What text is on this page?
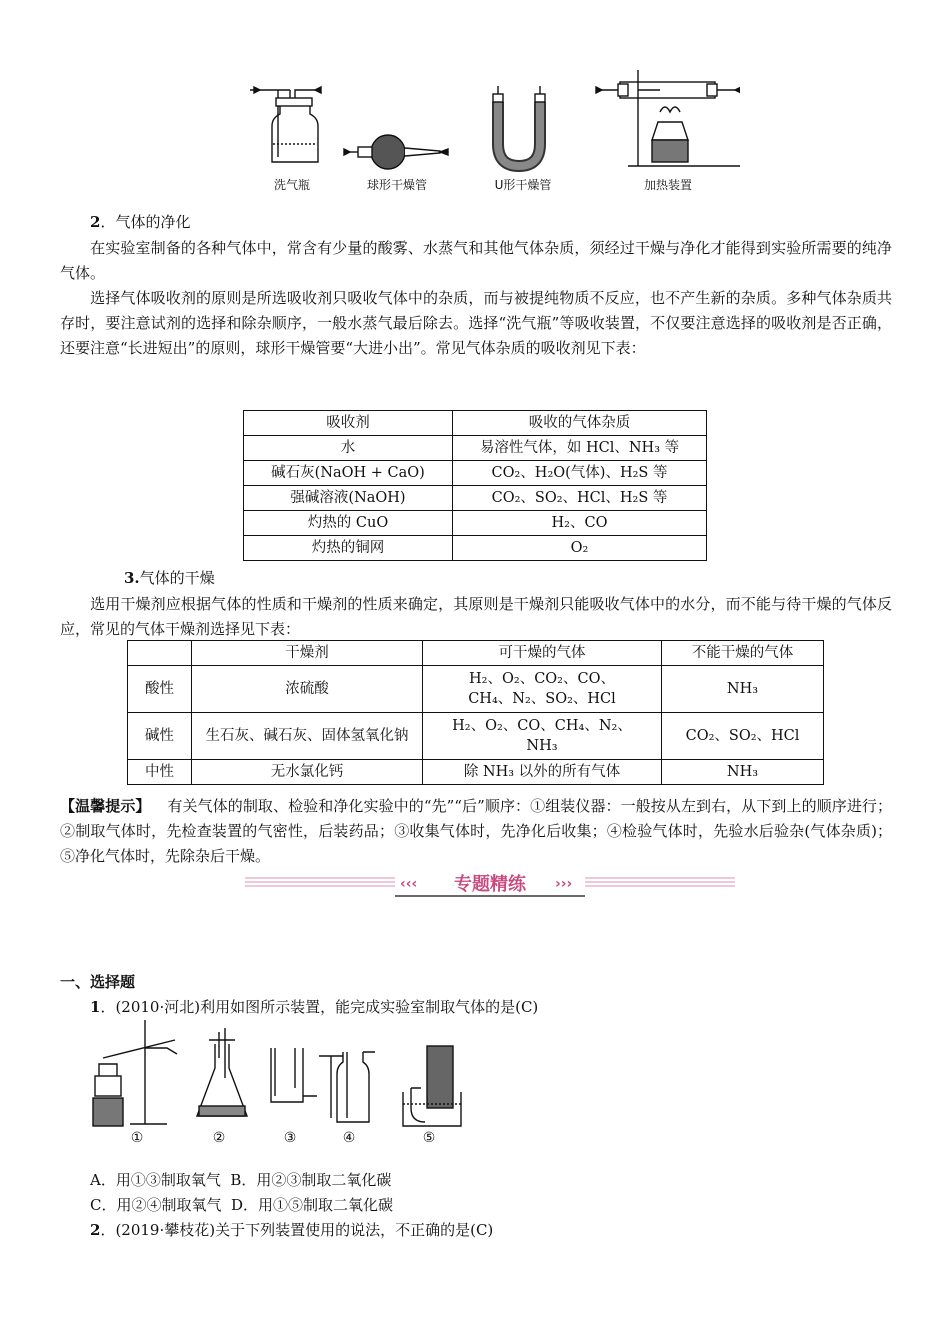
洗气瓶	球形干燥管	U形干燥管	加热装置
2．气体的净化
在实验室制备的各种气体中，常含有少量的酸雾、水蒸气和其他气体杂质，须经过干燥与净化才能得到实验所需要的纯净气体。
选择气体吸收剂的原则是所选吸收剂只吸收气体中的杂质，而与被提纯物质不反应，也不产生新的杂质。多种气体杂质共存时，要注意试剂的选择和除杂顺序，一般水蒸气最后除去。选择“洗气瓶”等吸收装置，不仅要注意选择的吸收剂是否正确，还要注意“长进短出”的原则，球形干燥管要“大进小出”。常见气体杂质的吸收剂见下表：
吸收剂	吸收的气体杂质
水	易溶性气体，如 HCl、NH₃ 等
碱石灰(NaOH + CaO)	CO₂、H₂O(气体)、H₂S 等
强碱溶液(NaOH)	CO₂、SO₂、HCl、H₂S 等
灼热的 CuO	H₂、CO
灼热的铜网	O₂
3.气体的干燥
选用干燥剂应根据气体的性质和干燥剂的性质来确定，其原则是干燥剂只能吸收气体中的水分，而不能与待干燥的气体反应，常见的气体干燥剂选择见下表：
	干燥剂	可干燥的气体	不能干燥的气体
酸性	浓硫酸	H₂、O₂、CO₂、CO、CH₄、N₂、SO₂、HCl	NH₃
碱性	生石灰、碱石灰、固体氢氧化钠	H₂、O₂、CO、CH₄、N₂、NH₃	CO₂、SO₂、HCl
中性	无水氯化钙	除 NH₃ 以外的所有气体	NH₃
【温馨提示】 有关气体的制取、检验和净化实验中的“先”“后”顺序：①组装仪器：一般按从左到右，从下到上的顺序进行；②制取气体时，先检查装置的气密性，后装药品；③收集气体时，先净化后收集；④检验气体时，先验水后验杂(气体杂质)；⑤净化气体时，先除杂后干燥。
‹‹‹	›››
专题精练
一、选择题
1．(2010·河北)利用如图所示装置，能完成实验室制取气体的是(C)
①	②	③	④	⑤
A．用①③制取氧气  B．用②③制取二氧化碳
C．用②④制取氧气  D．用①⑤制取二氧化碳
2．(2019·攀枝花)关于下列装置使用的说法，不正确的是(C)
